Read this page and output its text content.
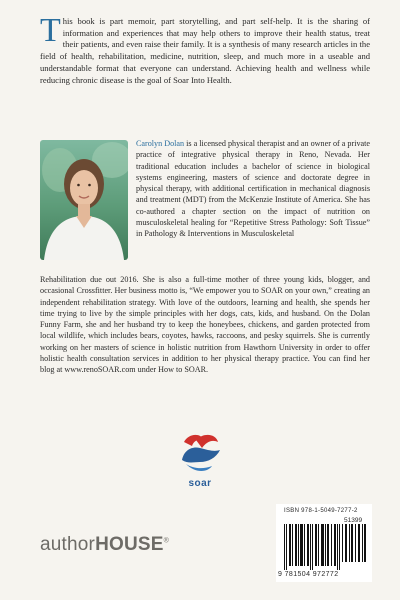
This book is part memoir, part storytelling, and part self-help. It is the sharing of information and experiences that may help others to improve their health status, treat their patients, and even raise their family. It is a synthesis of many research articles in the field of health, rehabilitation, medicine, nutrition, sleep, and much more in a useable and understandable format that everyone can understand. Achieving health and wellness while reducing chronic disease is the goal of Soar Into Health.
Carolyn Dolan is a licensed physical therapist and an owner of a private practice of integrative physical therapy in Reno, Nevada. Her traditional education includes a bachelor of science in biological systems engineering, masters of science and doctorate degree in physical therapy, with additional certification in mechanical diagnosis and treatment (MDT) from the McKenzie Institute of America. She has co-authored a chapter section on the impact of nutrition on musculoskeletal healing for “Repetitive Stress Pathology: Soft Tissue” in Pathology & Interventions in Musculoskeletal
Rehabilitation due out 2016. She is also a full-time mother of three young kids, blogger, and occasional Crossfitter. Her business motto is, “We empower you to SOAR on your own,” creating an independent rehabilitation strategy. With love of the outdoors, learning and health, she spends her time trying to live by the simple principles with her dogs, cats, kids, and husband. On the Dolan Funny Farm, she and her husband try to keep the honeybees, chickens, and garden protected from local wildlife, which includes bears, coyotes, hawks, raccoons, and pesky squirrels. She is currently working on her masters of science in holistic nutrition from Hawthorn University in order to offer holistic health consultation services in addition to her physical therapy practice. You can find her blog at www.renoSOAR.com under How to SOAR.
soar
ISBN 978-1-5049-7277-2
51399
9 781504 972772
authorHOUSE®
